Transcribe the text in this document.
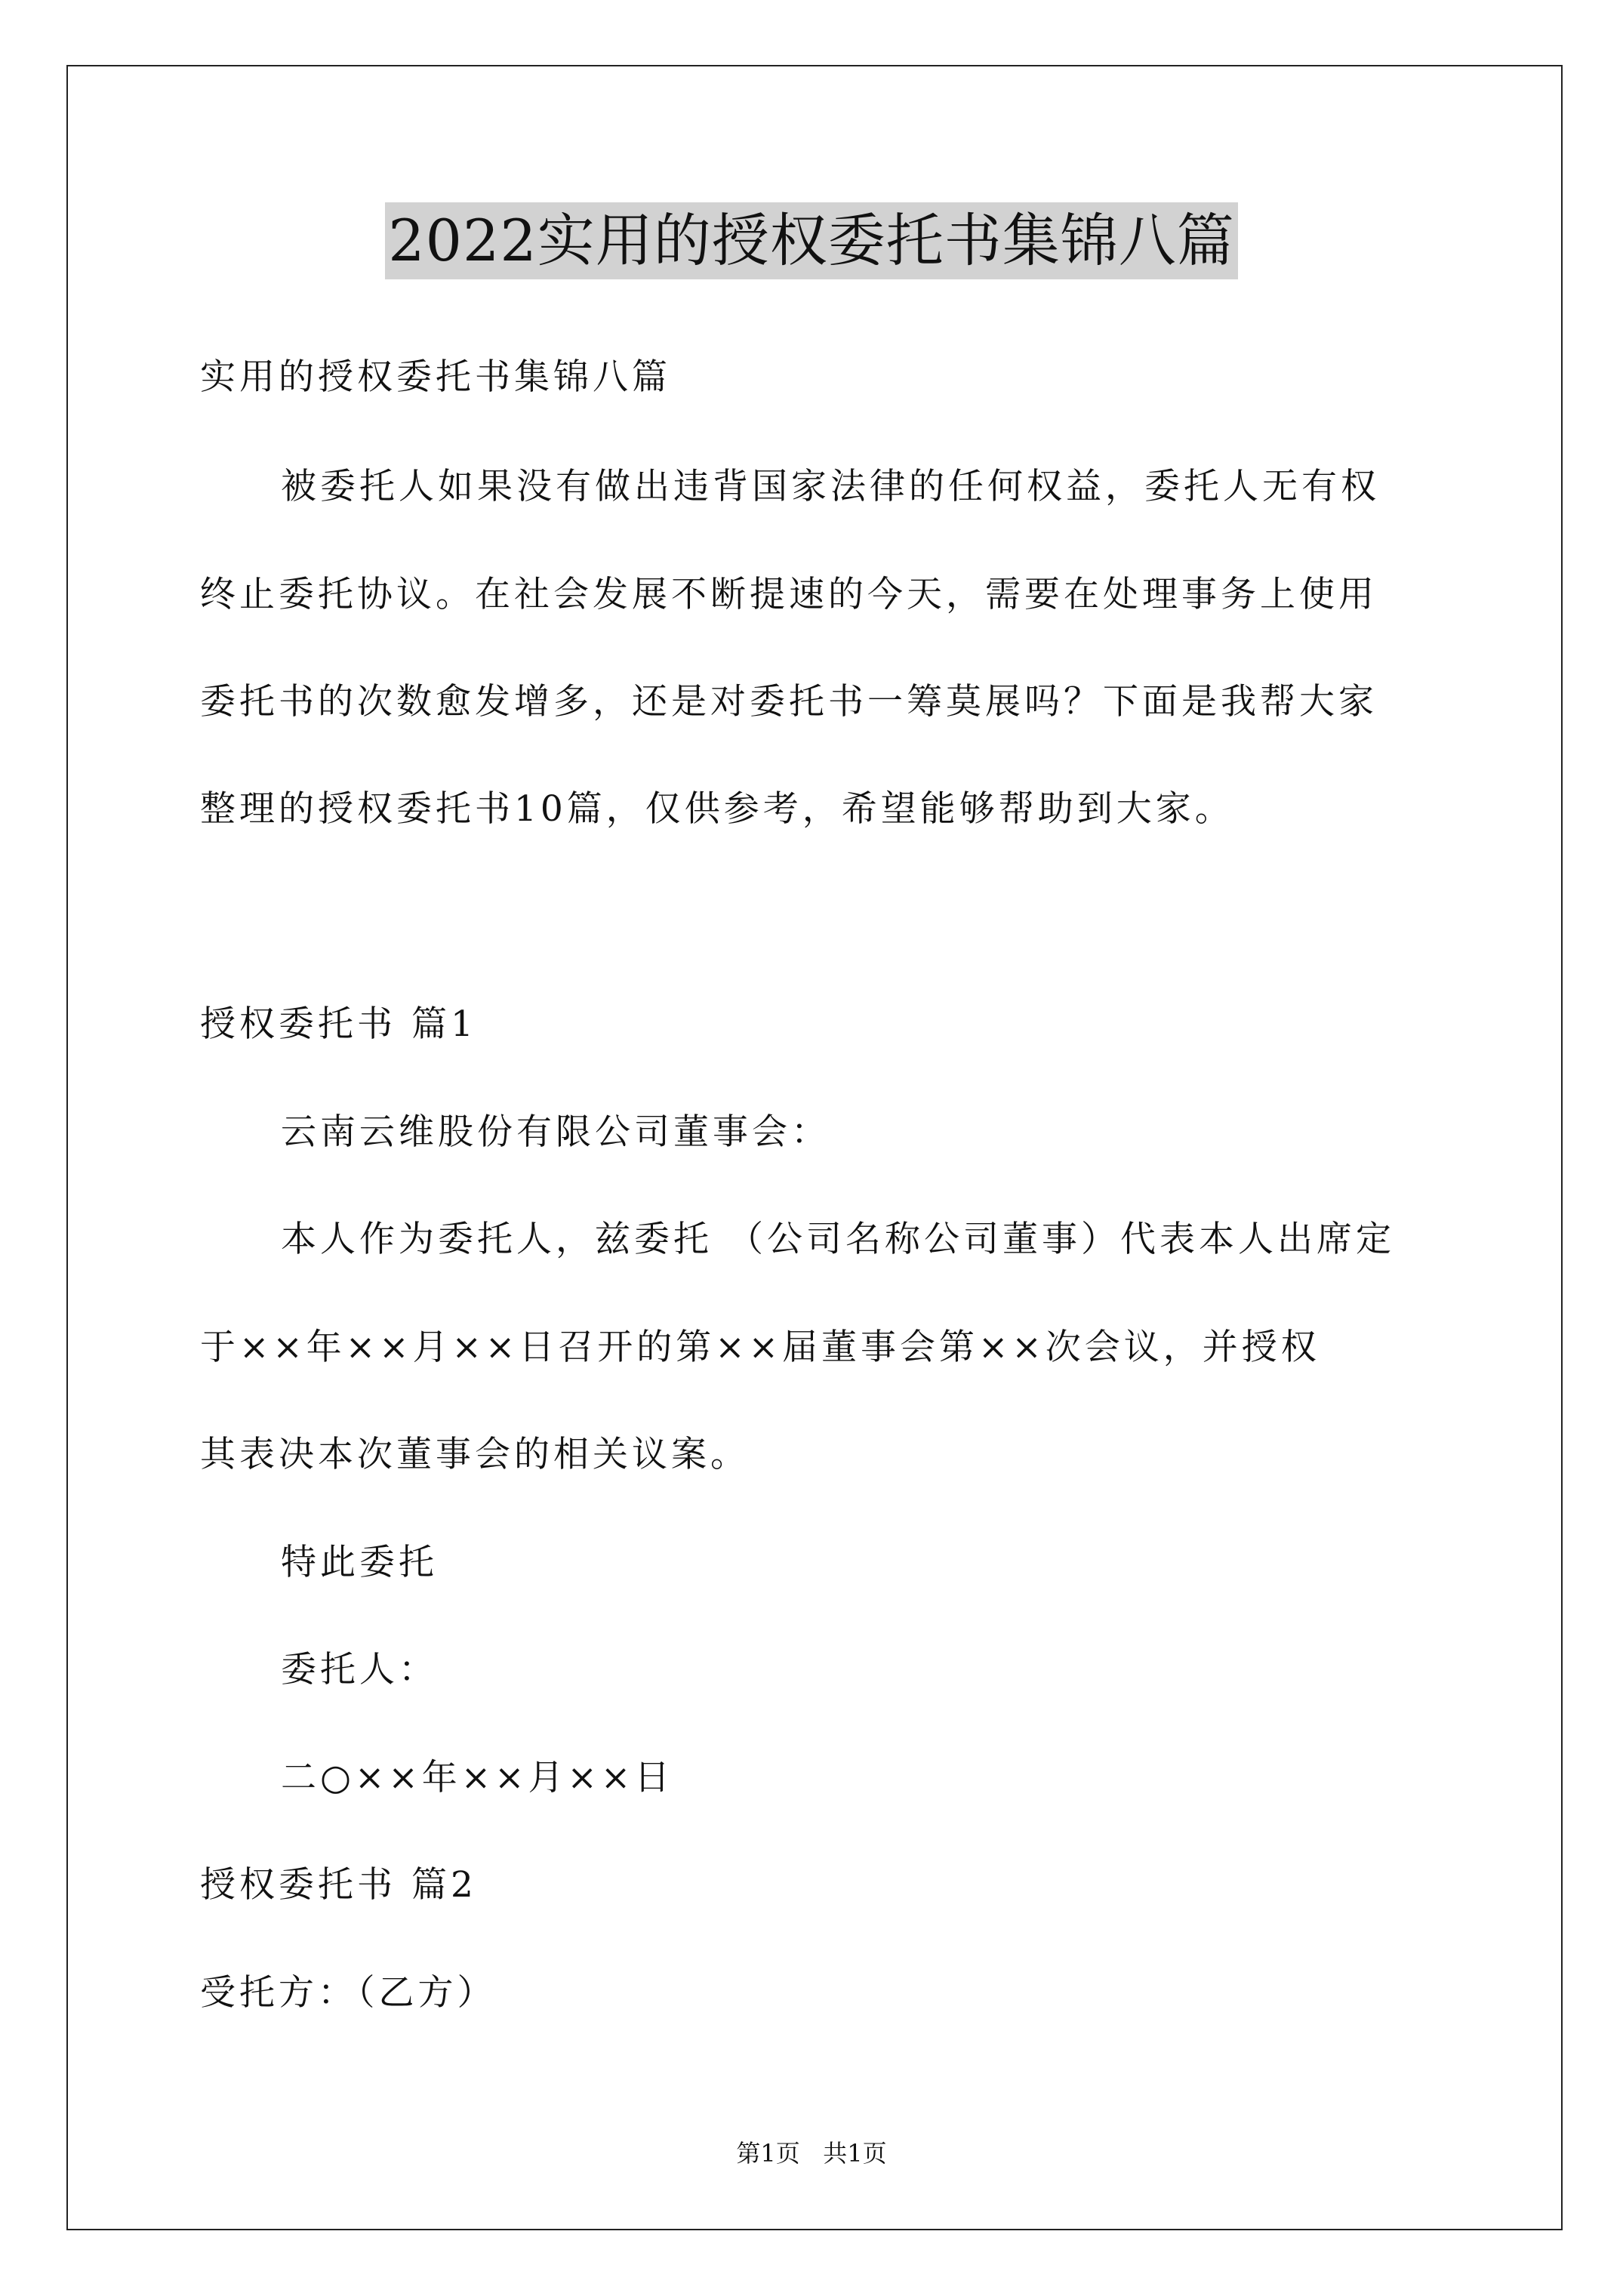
2022实用的授权委托书集锦八篇
实用的授权委托书集锦八篇
被委托人如果没有做出违背国家法律的任何权益，委托人无有权
终止委托协议。在社会发展不断提速的今天，需要在处理事务上使用
委托书的次数愈发增多，还是对委托书一筹莫展吗？下面是我帮大家
整理的授权委托书10篇，仅供参考，希望能够帮助到大家。
授权委托书 篇1
云南云维股份有限公司董事会：
本人作为委托人，兹委托 （公司名称公司董事）代表本人出席定
于××年××月××日召开的第××届董事会第××次会议，并授权
其表决本次董事会的相关议案。
特此委托
委托人：
二○××年××月××日
授权委托书 篇2
受托方：（乙方）
第1页   共1页
